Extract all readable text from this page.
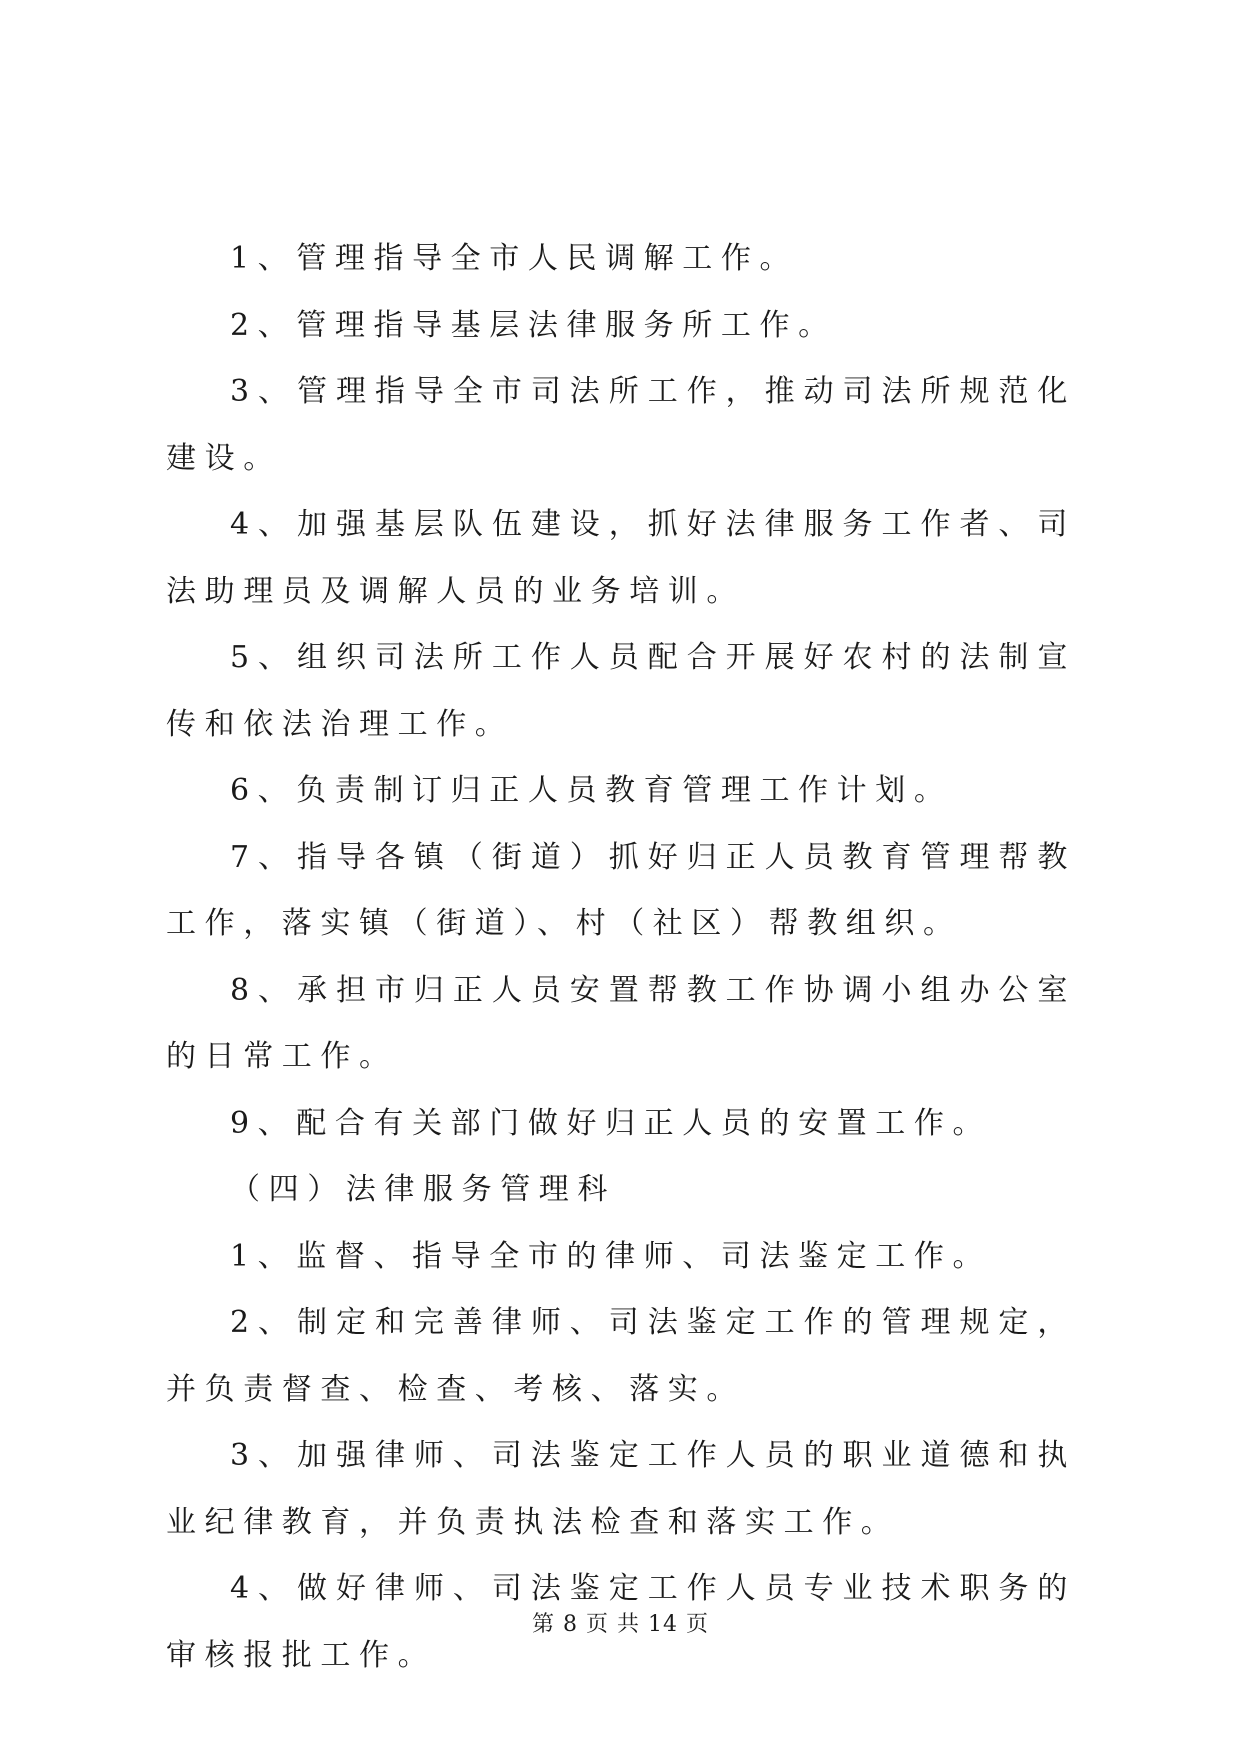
1、管理指导全市人民调解工作。

2、管理指导基层法律服务所工作。

3、管理指导全市司法所工作，推动司法所规范化建设。

4、加强基层队伍建设，抓好法律服务工作者、司法助理员及调解人员的业务培训。

5、组织司法所工作人员配合开展好农村的法制宣传和依法治理工作。

6、负责制订归正人员教育管理工作计划。

7、指导各镇（街道）抓好归正人员教育管理帮教工作，落实镇（街道）、村（社区）帮教组织。

8、承担市归正人员安置帮教工作协调小组办公室的日常工作。

9、配合有关部门做好归正人员的安置工作。

（四）法律服务管理科

1、监督、指导全市的律师、司法鉴定工作。

2、制定和完善律师、司法鉴定工作的管理规定，并负责督查、检查、考核、落实。

3、加强律师、司法鉴定工作人员的职业道德和执业纪律教育，并负责执法检查和落实工作。

4、做好律师、司法鉴定工作人员专业技术职务的审核报批工作。

第 8 页 共 14 页
